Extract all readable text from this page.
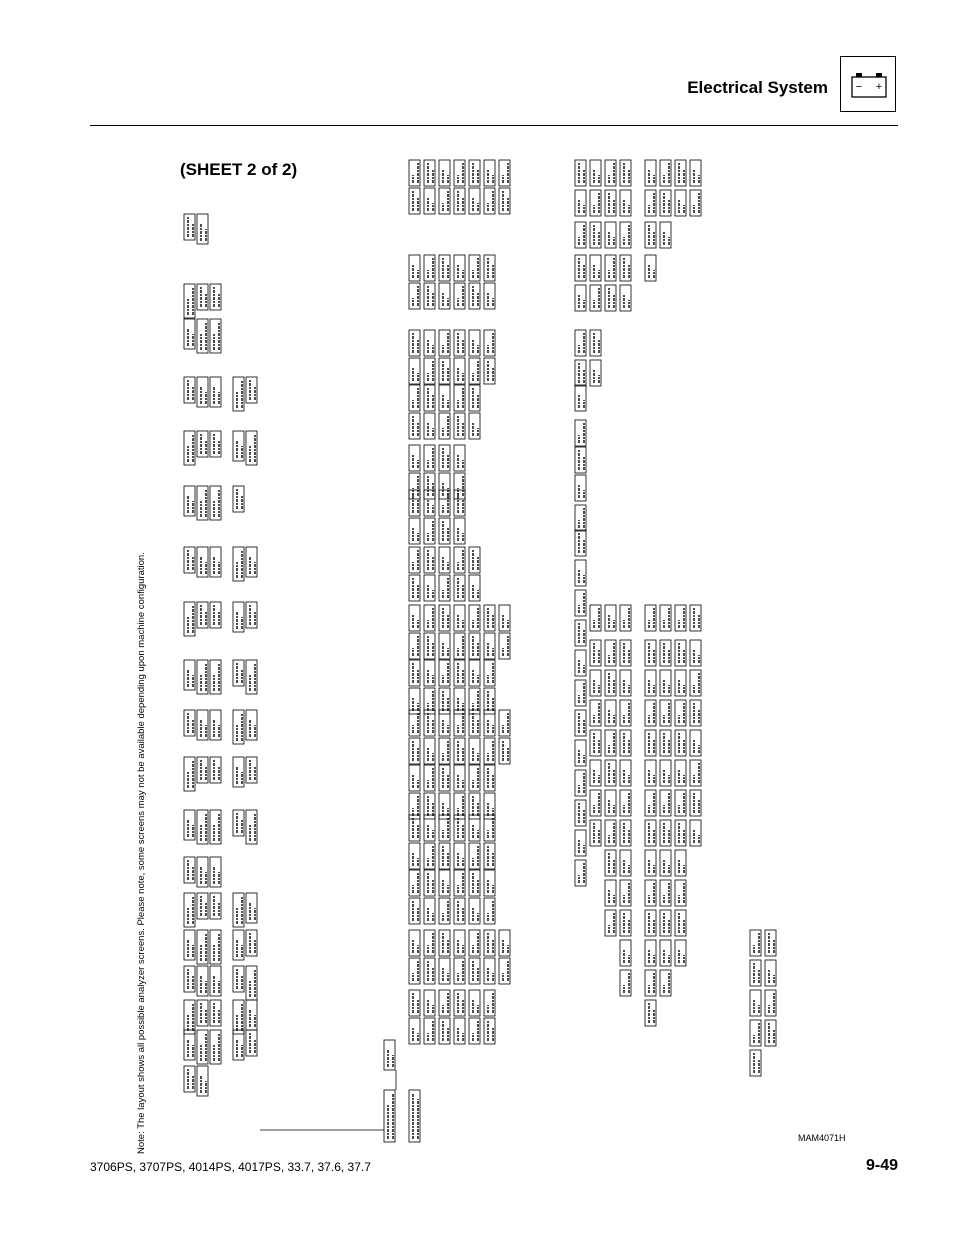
Electrical System	− +
(SHEET 2 of 2)
Note: The layout shows all possible analyzer screens. Please note, some screens may not be available depending upon machine configuration.	MAM4071H
3706PS, 3707PS, 4014PS, 4017PS, 33.7, 37.6, 37.7	9-49
